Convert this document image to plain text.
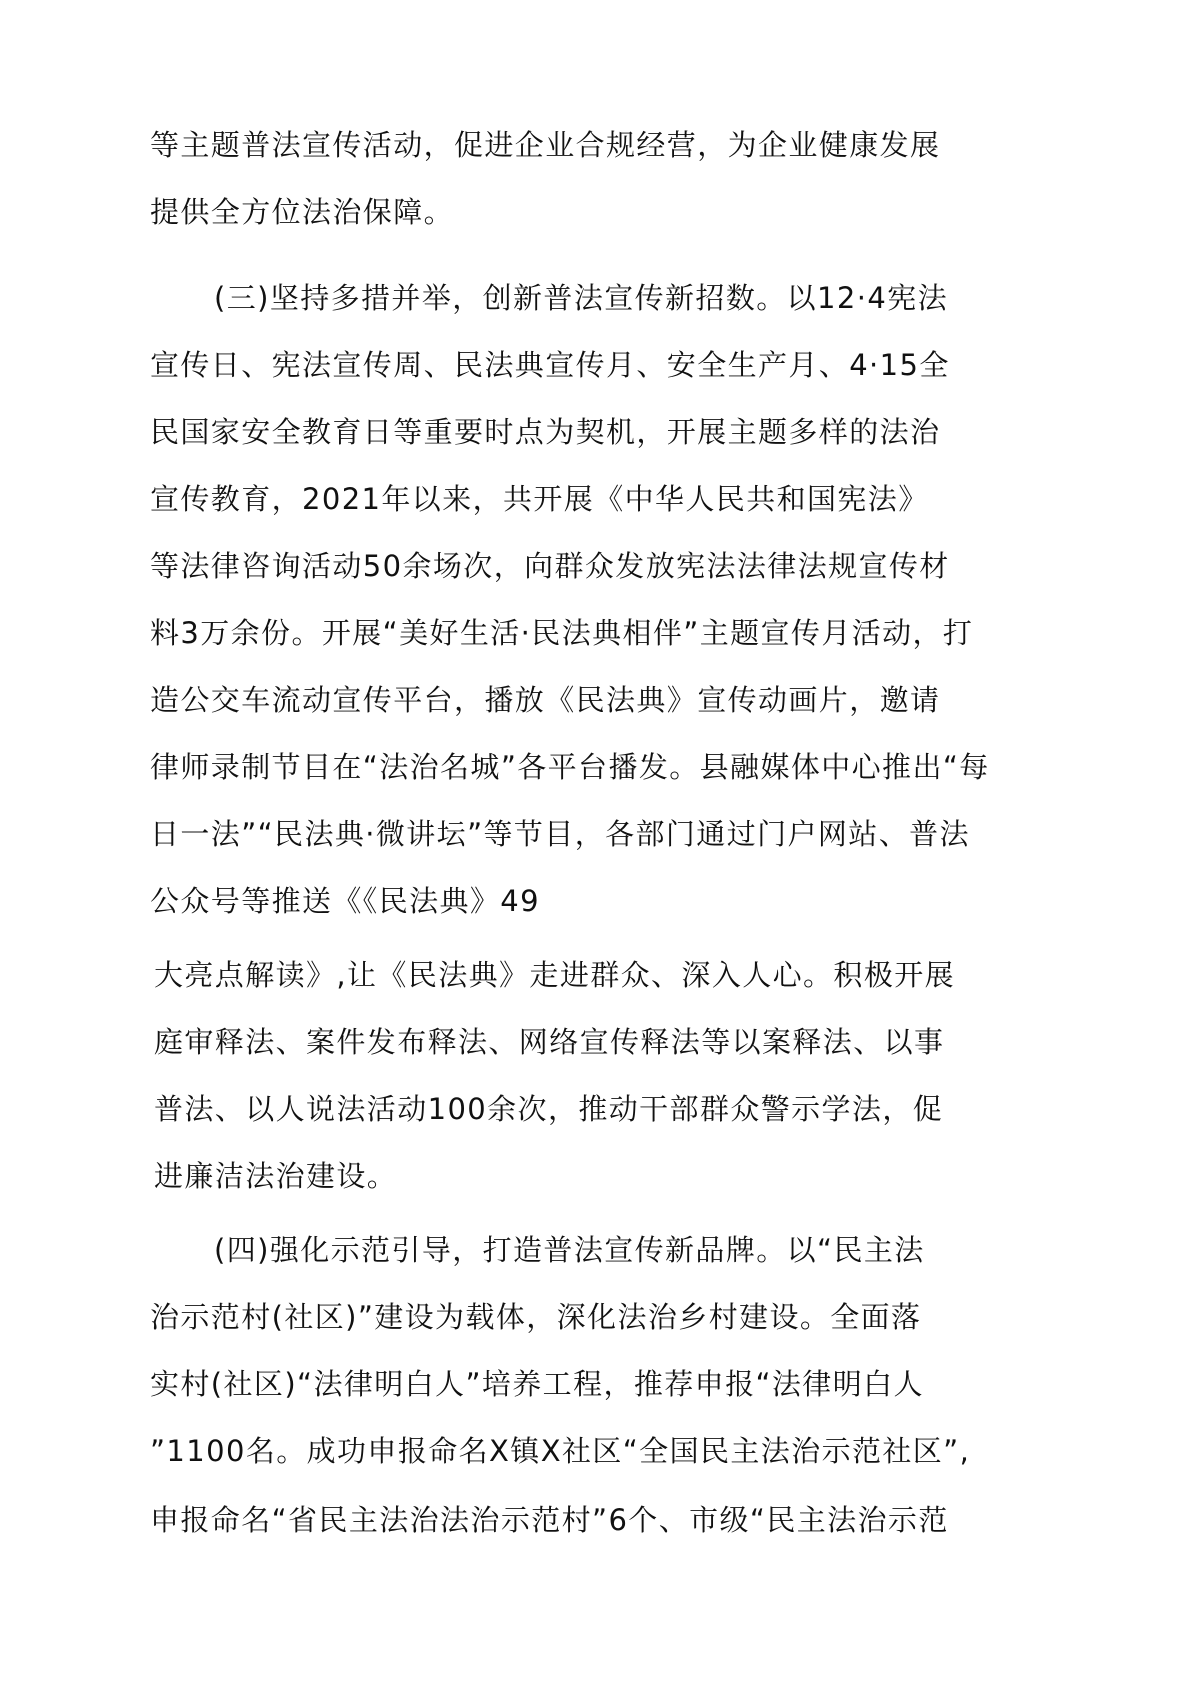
等主题普法宣传活动，促进企业合规经营，为企业健康发展
提供全方位法治保障。
(三)坚持多措并举，创新普法宣传新招数。以12·4宪法
宣传日、宪法宣传周、民法典宣传月、安全生产月、4·15全
民国家安全教育日等重要时点为契机，开展主题多样的法治
宣传教育，2021年以来，共开展《中华人民共和国宪法》
等法律咨询活动50余场次，向群众发放宪法法律法规宣传材
料3万余份。开展“美好生活·民法典相伴”主题宣传月活动，打
造公交车流动宣传平台，播放《民法典》宣传动画片，邀请
律师录制节目在“法治名城”各平台播发。县融媒体中心推出“每
日一法”“民法典·微讲坛”等节目，各部门通过门户网站、普法
公众号等推送《《民法典》49
大亮点解读》,让《民法典》走进群众、深入人心。积极开展
庭审释法、案件发布释法、网络宣传释法等以案释法、以事
普法、以人说法活动100余次，推动干部群众警示学法，促
进廉洁法治建设。
(四)强化示范引导，打造普法宣传新品牌。以“民主法
治示范村(社区)”建设为载体，深化法治乡村建设。全面落
实村(社区)“法律明白人”培养工程，推荐申报“法律明白人
”1100名。成功申报命名X镇X社区“全国民主法治示范社区”,
申报命名“省民主法治法治示范村”6个、市级“民主法治示范
